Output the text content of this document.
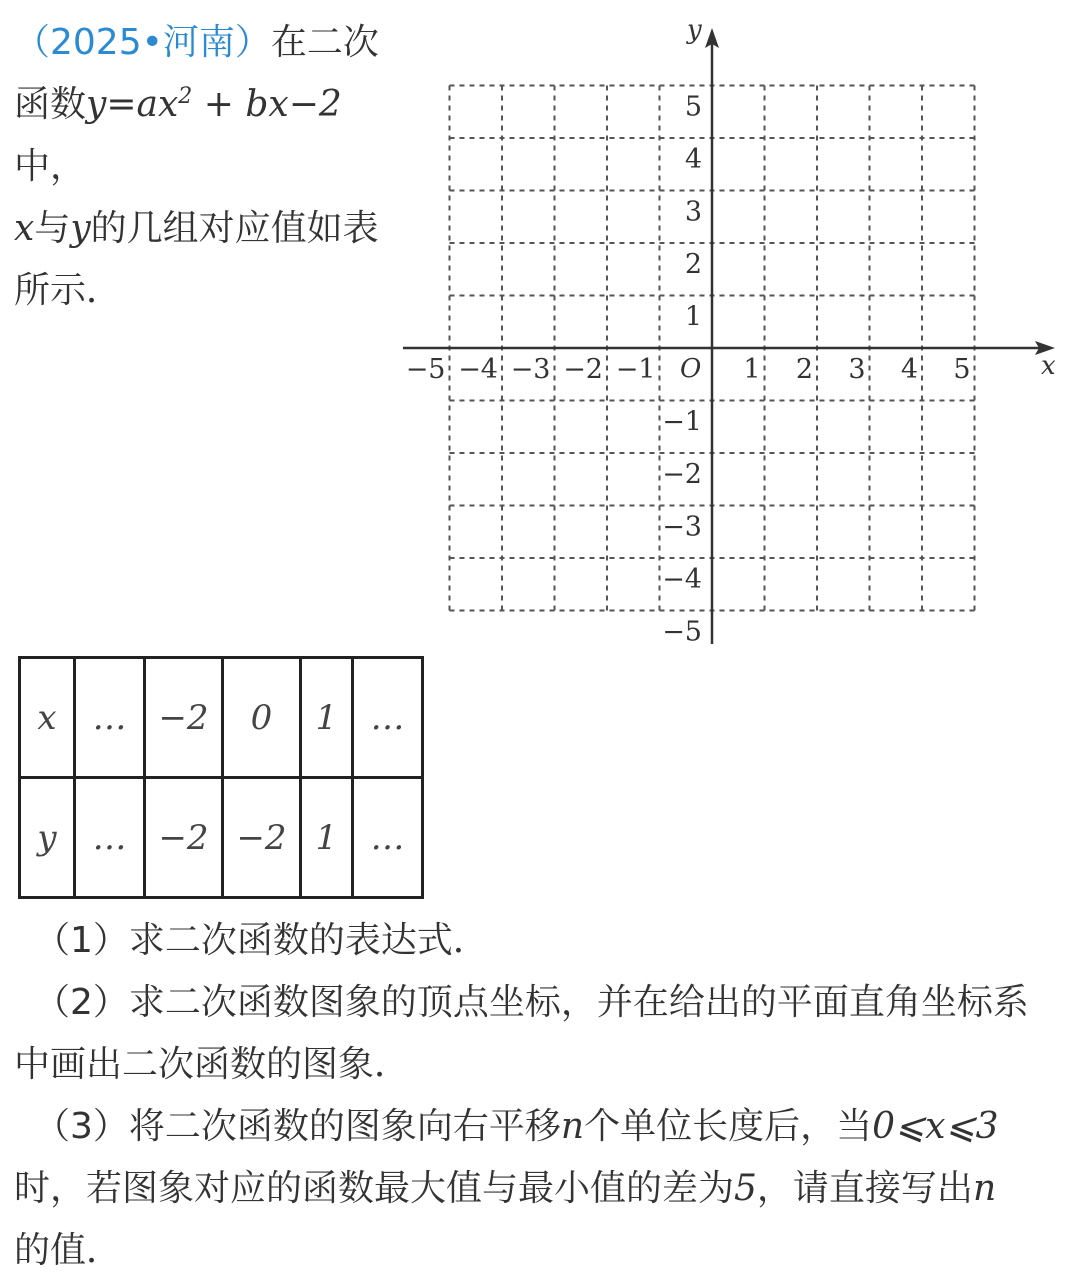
（2025•河南）在二次
函数$y=ax^2 + bx-2$中，
x与y的几组对应值如表
所示．
x
y
O
−5 −4 −3 −2 −1	1 2 3 4 5
5
4
3
2
1
−1
−2
−3
−4
−5
x	…	−2	0	1	…
y	…	−2	−2	1	…

（1）求二次函数的表达式．

（2）求二次函数图象的顶点坐标，并在给出的平面直角坐标系

中画出二次函数的图象．

（3）将二次函数的图象向右平移n个单位长度后，当0⩽x⩽3

时，若图象对应的函数最大值与最小值的差为5，请直接写出n

的值．
